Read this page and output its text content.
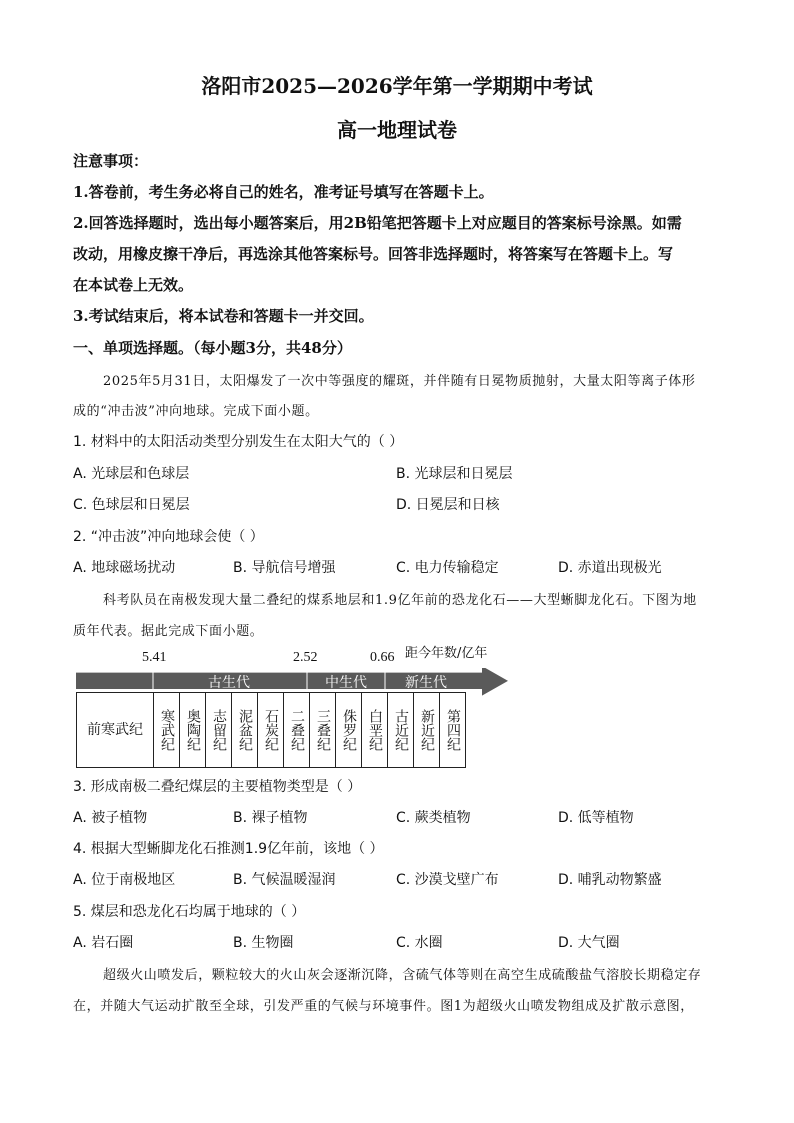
洛阳市2025—2026学年第一学期期中考试
高一地理试卷
注意事项：
1.答卷前，考生务必将自己的姓名，准考证号填写在答题卡上。
2.回答选择题时，选出每小题答案后，用2B铅笔把答题卡上对应题目的答案标号涂黑。如需
改动，用橡皮擦干净后，再选涂其他答案标号。回答非选择题时，将答案写在答题卡上。写
在本试卷上无效。
3.考试结束后，将本试卷和答题卡一并交回。
一、单项选择题。（每小题3分，共48分）
2025年5月31日，太阳爆发了一次中等强度的耀斑，并伴随有日冕物质抛射，大量太阳等离子体形
成的“冲击波”冲向地球。完成下面小题。
1. 材料中的太阳活动类型分别发生在太阳大气的（ ）
A. 光球层和色球层	B. 光球层和日冕层
C. 色球层和日冕层	D. 日冕层和日核
2. “冲击波”冲向地球会使（ ）
A. 地球磁场扰动	B. 导航信号增强	C. 电力传输稳定	D. 赤道出现极光
科考队员在南极发现大量二叠纪的煤系地层和1.9亿年前的恐龙化石——大型蜥脚龙化石。下图为地
质年代表。据此完成下面小题。
5.41	2.52	0.66 距今年数/亿年
古生代	中生代	新生代
前寒武纪	寒武纪 奥陶纪 志留纪 泥盆纪 石炭纪 二叠纪 三叠纪 侏罗纪 白垩纪 古近纪 新近纪 第四纪
3. 形成南极二叠纪煤层的主要植物类型是（ ）
A. 被子植物	B. 裸子植物	C. 蕨类植物	D. 低等植物
4. 根据大型蜥脚龙化石推测1.9亿年前，该地（ ）
A. 位于南极地区	B. 气候温暖湿润	C. 沙漠戈壁广布	D. 哺乳动物繁盛
5. 煤层和恐龙化石均属于地球的（ ）
A. 岩石圈	B. 生物圈	C. 水圈	D. 大气圈
超级火山喷发后，颗粒较大的火山灰会逐渐沉降，含硫气体等则在高空生成硫酸盐气溶胶长期稳定存
在，并随大气运动扩散至全球，引发严重的气候与环境事件。图1为超级火山喷发物组成及扩散示意图，
